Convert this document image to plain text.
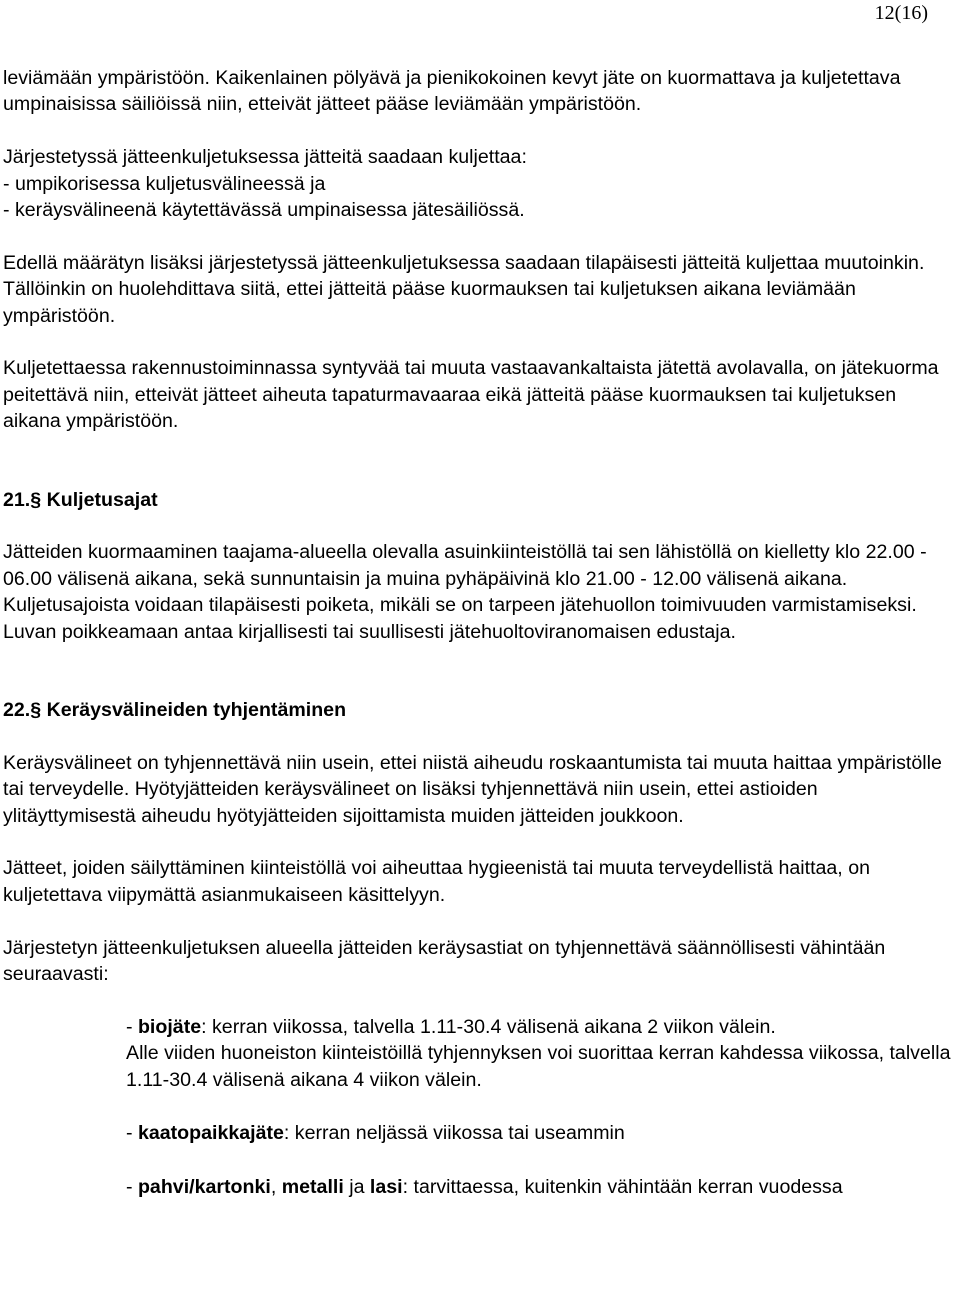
12(16)

leviämään ympäristöön. Kaikenlainen pölyävä ja pienikokoinen kevyt jäte on kuormattava ja kuljetettava umpinaisissa säiliöissä niin, etteivät jätteet pääse leviämään ympäristöön.

Järjestetyssä jätteenkuljetuksessa jätteitä saadaan kuljettaa:

- umpikorisessa kuljetusvälineessä ja

- keräysvälineenä käytettävässä umpinaisessa jätesäiliössä.

Edellä määrätyn lisäksi järjestetyssä jätteenkuljetuksessa saadaan tilapäisesti jätteitä kuljettaa muutoinkin. Tällöinkin on huolehdittava siitä, ettei jätteitä pääse kuormauksen tai kuljetuksen aikana leviämään ympäristöön.

Kuljetettaessa rakennustoiminnassa syntyvää tai muuta vastaavankaltaista jätettä avolavalla, on jätekuorma peitettävä niin, etteivät jätteet aiheuta tapaturmavaaraa eikä jätteitä pääse kuormauksen tai kuljetuksen aikana ympäristöön.

21.§ Kuljetusajat

Jätteiden kuormaaminen taajama-alueella olevalla asuinkiinteistöllä tai sen lähistöllä on kielletty klo 22.00 - 06.00 välisenä aikana, sekä sunnuntaisin ja muina pyhäpäivinä klo 21.00 - 12.00 välisenä aikana. Kuljetusajoista voidaan tilapäisesti poiketa, mikäli se on tarpeen jätehuollon toimivuuden varmistamiseksi. Luvan poikkeamaan antaa kirjallisesti tai suullisesti jätehuoltoviranomaisen edustaja.

22.§ Keräysvälineiden tyhjentäminen

Keräysvälineet on tyhjennettävä niin usein, ettei niistä aiheudu roskaantumista tai muuta haittaa ympäristölle tai terveydelle. Hyötyjätteiden keräysvälineet on lisäksi tyhjennettävä niin usein, ettei astioiden ylitäyttymisestä aiheudu hyötyjätteiden sijoittamista muiden jätteiden joukkoon.

Jätteet, joiden säilyttäminen kiinteistöllä voi aiheuttaa hygieenistä tai muuta terveydellistä haittaa, on kuljetettava viipymättä asianmukaiseen käsittelyyn.

Järjestetyn jätteenkuljetuksen alueella jätteiden keräysastiat on tyhjennettävä säännöllisesti vähintään seuraavasti:

- biojäte: kerran viikossa, talvella 1.11-30.4 välisenä aikana 2 viikon välein.

Alle viiden huoneiston kiinteistöillä tyhjennyksen voi suorittaa kerran kahdessa viikossa, talvella 1.11-30.4 välisenä aikana 4 viikon välein.

- kaatopaikkajäte: kerran neljässä viikossa tai useammin

- pahvi/kartonki, metalli ja lasi: tarvittaessa, kuitenkin vähintään kerran vuodessa
